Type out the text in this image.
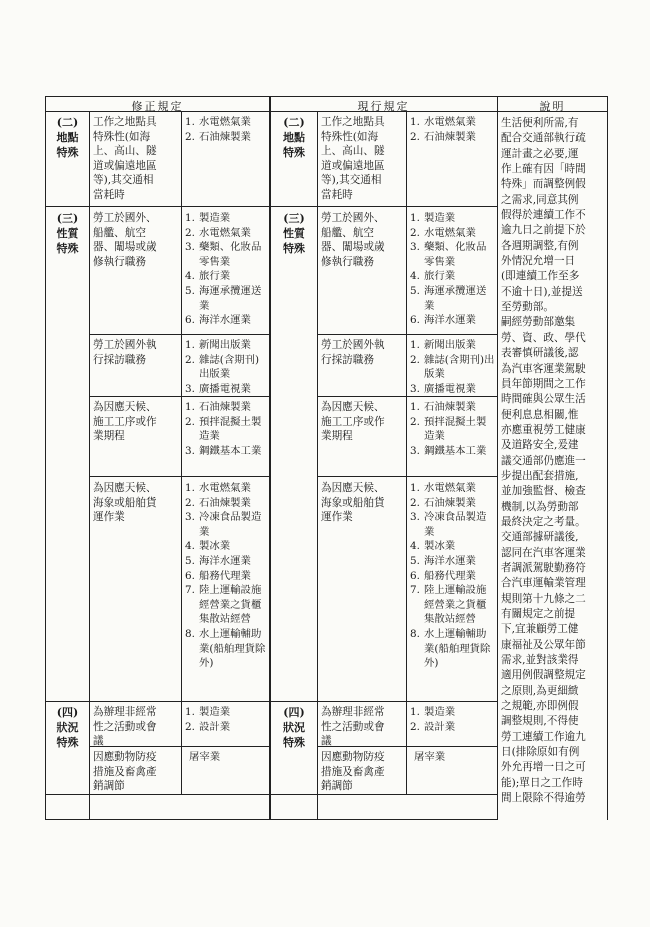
修正規定	現行規定	說明
(二)
地點
特殊
(三)
性質
特殊
(四)
狀況
特殊
工作之地點具
特殊性(如海
上、高山、隧
道或偏遠地區
等),其交通相
當耗時
1. 水電燃氣業
2. 石油煉製業
勞工於國外、
船艦、航空
器、闈場或歲
修執行職務
1. 製造業
2. 水電燃氣業
3. 藥類、化妝品零售業
4. 旅行業
5. 海運承攬運送業
6. 海洋水運業
勞工於國外執
行採訪職務
1. 新聞出版業
2. 雜誌(含期刊)出版業
3. 廣播電視業
為因應天候、
施工工序或作
業期程
1. 石油煉製業
2. 預拌混擬土製造業
3. 鋼鐵基本工業
為因應天候、
海象或船舶貨
運作業
1. 水電燃氣業
2. 石油煉製業
3. 冷凍食品製造業
4. 製冰業
5. 海洋水運業
6. 船務代理業
7. 陸上運輸設施經營業之貨櫃集散站經營
8. 水上運輸輔助業(船舶理貨除外)
為辦理非經常
性之活動或會
議
1. 製造業
2. 設計業
因應動物防疫
措施及畜禽產
銷調節
屠宰業
(二)
地點
特殊
(三)
性質
特殊
(四)
狀況
特殊
工作之地點具
特殊性(如海
上、高山、隧
道或偏遠地區
等),其交通相
當耗時
1. 水電燃氣業
2. 石油煉製業
勞工於國外、
船艦、航空
器、闈場或歲
修執行職務
1. 製造業
2. 水電燃氣業
3. 藥類、化妝品零售業
4. 旅行業
5. 海運承攬運送業
6. 海洋水運業
勞工於國外執
行採訪職務
1. 新聞出版業
2. 雜誌(含期刊)出版業
3. 廣播電視業
為因應天候、
施工工序或作
業期程
1. 石油煉製業
2. 預拌混擬土製造業
3. 鋼鐵基本工業
為因應天候、
海象或船舶貨
運作業
1. 水電燃氣業
2. 石油煉製業
3. 冷凍食品製造業
4. 製冰業
5. 海洋水運業
6. 船務代理業
7. 陸上運輸設施經營業之貨櫃集散站經營
8. 水上運輸輔助業(船舶理貨除外)
為辦理非經常
性之活動或會
議
1. 製造業
2. 設計業
因應動物防疫
措施及畜禽產
銷調節
屠宰業
生活便利所需,有
配合交通部執行疏
運計畫之必要,運
作上確有因「時間
特殊」而調整例假
之需求,同意其例
假得於連續工作不
逾九日之前提下於
各週期調整,有例
外情況允增一日
(即連續工作至多
不逾十日),並提送
至勞動部。
嗣經勞動部邀集
勞、資、政、學代
表審慎研議後,認
為汽車客運業駕駛
員年節期間之工作
時間確與公眾生活
便利息息相關,惟
亦應重視勞工健康
及道路安全,爰建
議交通部仍應進一
步提出配套措施,
並加強監督、檢查
機制,以為勞動部
最終決定之考量。
交通部據研議後,
認同在汽車客運業
者調派駕駛勤務符
合汽車運輸業管理
規則第十九條之二
有關規定之前提
下,宜兼顧勞工健
康福祉及公眾年節
需求,並對該業得
適用例假調整規定
之原則,為更細緻
之規範,亦即例假
調整規則,不得使
勞工連續工作逾九
日(排除原如有例
外允再增一日之可
能);單日之工作時
間上限除不得逾勞
